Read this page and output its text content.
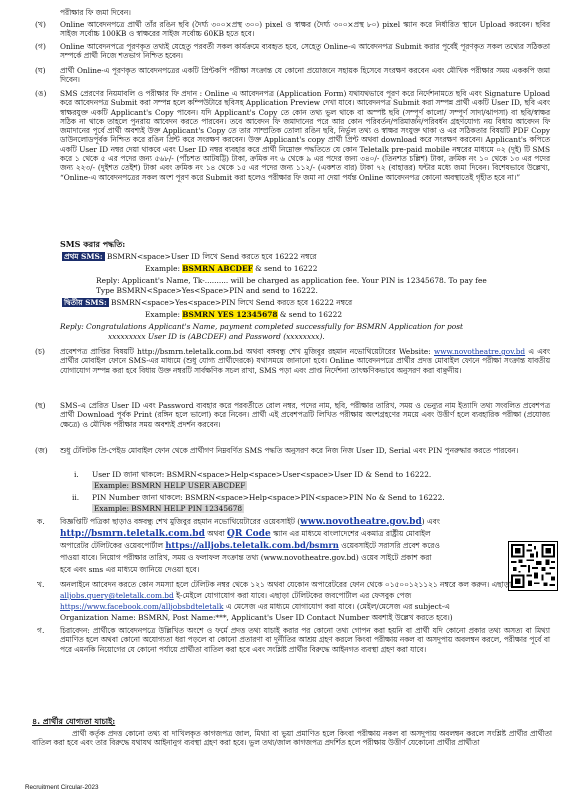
পরীক্ষার ফি জমা দিবেন।

(খ) Online আবেদনপত্রে প্রার্থী তাঁর রঙিন ছবি (দৈর্ঘ্য ৩০০×প্রস্থ ৩০০) pixel ও স্বাক্ষর (দৈর্ঘ্য ৩০০×প্রস্থ ৮০) pixel স্ক্যান করে নির্ধারিত স্থানে Upload করবেন। ছবির সাইজ সর্বোচ্চ 100KB ও স্বাক্ষরের সাইজ সর্বোচ্চ 60KB হতে হবে।

(গ) Online আবেদনপত্রে পূরণকৃত তথ্যই যেহেতু পরবর্তী সকল কার্যক্রমে ব্যবহৃত হবে, সেহেতু Online-এ আবেদনপত্র Submit করার পূর্বেই পূরণকৃত সকল তথ্যের সঠিকতা সম্পর্কে প্রার্থী নিজে শতভাগ নিশ্চিত হবেন।

(ঘ) প্রার্থী Online-এ পূরণকৃত আবেদনপত্রের একটি প্রিন্টকপি পরীক্ষা সংক্রান্ত যে কোনো প্রয়োজনে সহায়ক হিসেবে সংরক্ষণ করবেন এবং মৌখিক পরীক্ষার সময় এককপি জমা দিবেন।

(ঙ) SMS প্রেরণের নিয়মাবলি ও পরীক্ষার ফি প্রদান : Online এ আবেদনপত্র (Application Form) যথাযথভাবে পূরণ করে নির্দেশনামতে ছবি এবং Signature Upload করে আবেদনপত্র Submit করা সম্পন্ন হলে কম্পিউটারে ছবিসহ Application Preview দেখা যাবে। আবেদনপত্র Submit করা সম্পন্ন প্রার্থী একটি User ID, ছবি এবং স্বাক্ষরযুক্ত একটি Applicant's Copy পাবেন। যদি Applicant's Copy তে কোন তথ্য ভুল থাকে বা অস্পষ্ট ছবি (সম্পূর্ণ কালো/ সম্পূর্ণ সাদা/ঝাপসা) বা ছবি/স্বাক্ষর সঠিক না থাকে তাহলে পুনরায় আবেদন করতে পারবেন। তবে আবেদন ফি জমাদানের পরে আর কোন পরিবর্তন/পরিমার্জন/পরিবর্ধন গ্রহণযোগ্য নয় বিধায় আবেদন ফি জমাদানের পূর্বে প্রার্থী অবশ্যই উক্ত Applicant's Copy তে তার সাম্প্রতিক তোলা রঙিন ছবি, নির্ভুল তথ্য ও স্বাক্ষর সংযুক্ত থাকা ও এর সঠিকতার বিষয়টি PDF Copy ডাউনলোডপূর্বক নিশ্চিত করে রঙিন প্রিন্ট করে সংরক্ষণ করবেন। উক্ত Applicant's copy প্রার্থী প্রিন্ট অথবা download করে সংরক্ষণ করবেন। Applicant's কপিতে একটি User ID নম্বর দেয়া থাকবে এবং User ID নম্বর ব্যবহার করে প্রার্থী নিম্নোক্ত পদ্ধতিতে যে কোন Teletalk pre-paid mobile নম্বরের মাধ্যমে ০২ (দুই) টি SMS করে ১ থেকে ৫ এর পদের জন্য ৫৬৮/- (পাঁচশত আটষট্টি) টাকা, ক্রমিক নং ৬ থেকে ৯ এর পদের জন্য ৩৪০/- (তিনশত চল্লিশ) টাকা, ক্রমিক নং ১০ থেকে ১৩ এর পদের জন্য ২২৩/- (দুইশত তেইশ) টাকা এবং ক্রমিক নং ১৪ থেকে ১৫ এর পদের জন্য ১১২/- (একশত বার) টাকা ৭২ (বাহাত্তর) ঘন্টার মধ্যে জমা দিবেন। বিশেষভাবে উল্লেখ্য, “Online-এ আবেদনপত্রের সকল অংশ পূরণ করে Submit করা হলেও পরীক্ষার ফি জমা না দেয়া পর্যন্ত Online আবেদনপত্র কোনো অবস্থাতেই গৃহীত হবে না।”

SMS করার পদ্ধতি:

প্রথম SMS: BSMRN<space>User ID লিখে Send করতে হবে 16222 নম্বরে

Example: BSMRN ABCDEF & send to 16222

Reply: Applicant's Name, Tk-.......... will be charged as application fee. Your PIN is 12345678. To pay fee

Type BSMRN<Space>Yes<Space>PIN and send to 16222.

দ্বিতীয় SMS: BSMRN<space>Yes<space>PIN লিখে Send করতে হবে 16222 নম্বরে

Example: BSMRN YES 12345678 & send to 16222

Reply: Congratulations Applicant's Name, payment completed successfully for BSMRN Application for post

xxxxxxxxx User ID is (ABCDEF) and Password (xxxxxxxx).

(চ) প্রবেশপত্র প্রাপ্তির বিষয়টি http://bsmrn.teletalk.com.bd অথবা বঙ্গবন্ধু শেখ মুজিবুর রহমান নভোথিয়েটারের Website: www.novotheatre.gov.bd এ এবং প্রার্থীর মোবাইল ফোনে SMS-এর মাধ্যমে (শুধু যোগ্য প্রার্থীদেরকে) যথাসময়ে জানানো হবে। Online আবেদনপত্রে প্রার্থীর প্রদত্ত মোবাইল ফোনে পরীক্ষা সংক্রান্ত যাবতীয় যোগাযোগ সম্পন্ন করা হবে বিধায় উক্ত নম্বরটি সার্বক্ষণিক সচল রাখা, SMS পড়া এবং প্রাপ্ত নির্দেশনা তাৎক্ষণিকভাবে অনুসরণ করা বাঞ্ছনীয়।

(ছ) SMS-এ প্রেরিত User ID এবং Password ব্যবহার করে পরবর্তীতে রোল নম্বর, পদের নাম, ছবি, পরীক্ষার তারিখ, সময় ও ভেন্যুর নাম ইত্যাদি তথ্য সংবলিত প্রবেশপত্র প্রার্থী Download পূর্বক Print (রঙ্গিন হলে ভালো) করে নিবেন। প্রার্থী এই প্রবেশপত্রটি লিখিত পরীক্ষায় অংশগ্রহণের সময়ে এবং উত্তীর্ণ হলে ব্যবহারিক পরীক্ষা (প্রযোজ্য ক্ষেত্রে) ও মৌখিক পরীক্ষার সময় অবশ্যই প্রদর্শন করবেন।

(জ) শুধু টেলিটক প্রি-পেইড মোবাইল ফোন থেকে প্রার্থীগণ নিম্নবর্ণিত SMS পদ্ধতি অনুসরণ করে নিজ নিজ User ID, Serial এবং PIN পুনরুদ্ধার করতে পারবেন।

i. User ID জানা থাকলে: BSMRN<space>Help<space>User<space>User ID & Send to 16222.

Example: BSMRN HELP USER ABCDEF

ii. PIN Number জানা থাকলে: BSMRN<space>Help<space>PIN<space>PIN No & Send to 16222.

Example: BSMRN HELP PIN 12345678

ক. বিজ্ঞপ্তিটি পত্রিকা ছাড়াও বঙ্গবন্ধু শেখ মুজিবুর রহমান নভোথিয়েটারের ওয়েবসাইট (www.novotheatre.gov.bd) এবং

http://bsmrn.teletalk.com.bd অথবা QR Code স্ক্যান এর মাধ্যমে বাংলাদেশের একমাত্র রাষ্ট্রীয় মোবাইল

অপারেটর টেলিটকের ওয়েবপোর্টাল https://alljobs.teletalk.com.bd/bsmrn ওয়েবসাইটে সরাসরি প্রবেশ করেও

পাওয়া যাবে। নিয়োগ পরীক্ষার তারিখ, সময় ও ফলাফল সংক্রান্ত তথ্য (www.novotheatre.gov.bd) ওয়েব সাইটে প্রকাশ করা

হবে এবং sms এর মাধ্যমে জানিয়ে দেওয়া হবে।

খ. অনলাইনে আবেদন করতে কোন সমস্যা হলে টেলিটক নম্বর থেকে ১২১ অথবা যেকোন অপারেটরের ফোন থেকে ০১৫০০১২১১২১ নম্বরে কল করুন। এছাড়া

alljobs.query@teletalk.com.bd ই-মেইলে যোগাযোগ করা যাবে। এছাড়া টেলিটকের জবপোর্টাল এর ফেসবুক পেজ

https://www.facebook.com/alljobsbdteletalk এ মেসেজ এর মাধ্যমে যোগাযোগ করা যাবে। (মেইল/মেসেজ এর subject-এ

Organization Name: BSMRN, Post Name:***, Applicant's User ID Contact Number অবশ্যই উল্লেখ করতে হবে।)

গ. চিরাবেদন: প্রার্থীকে আবেদনপত্রে উল্লিখিত অংশে ও ফর্মে প্রদত্ত তথ্য যাচাই করার পর কোনো তথ্য গোপন করা হয়নি বা প্রার্থী যদি কোনো প্রকার তথ্য অসত্য বা মিথ্যা প্রমাণিত হলে অথবা কোনো অযোগ্যতা ধরা পড়লে বা কোনো প্রতারণা বা দুর্নীতির আশ্রয় গ্রহণ করলে কিংবা পরীক্ষায় নকল বা অসদুপায় অবলম্বন করলে, পরীক্ষার পূর্বে বা পরে এমনকি নিয়োগের যে কোনো পর্যায়ে প্রার্থীতা বাতিল করা হবে এবং সংশ্লিষ্ট প্রার্থীর বিরুদ্ধে আইনগত ব্যবস্থা গ্রহণ করা যাবে।

৪. প্রার্থীর যোগ্যতা যাচাই:

প্রার্থী কর্তৃক প্রদত্ত কোনো তথ্য বা দাখিলকৃত কাগজপত্র জাল, মিথ্যা বা ভুয়া প্রমাণিত হলে কিংবা পরীক্ষায় নকল বা অসদুপায় অবলম্বন করলে সংশ্লিষ্ট প্রার্থীর প্রার্থীতা বাতিল করা হবে এবং তার বিরুদ্ধে যথাযথ আইনানুগ ব্যবস্থা গ্রহণ করা হবে। ভুল তথ্য/জাল কাগজপত্র প্রদর্শিত হলে পরীক্ষায় উত্তীর্ণ যেকোনো প্রার্থীর প্রার্থীতা

Recruitment Circular-2023
